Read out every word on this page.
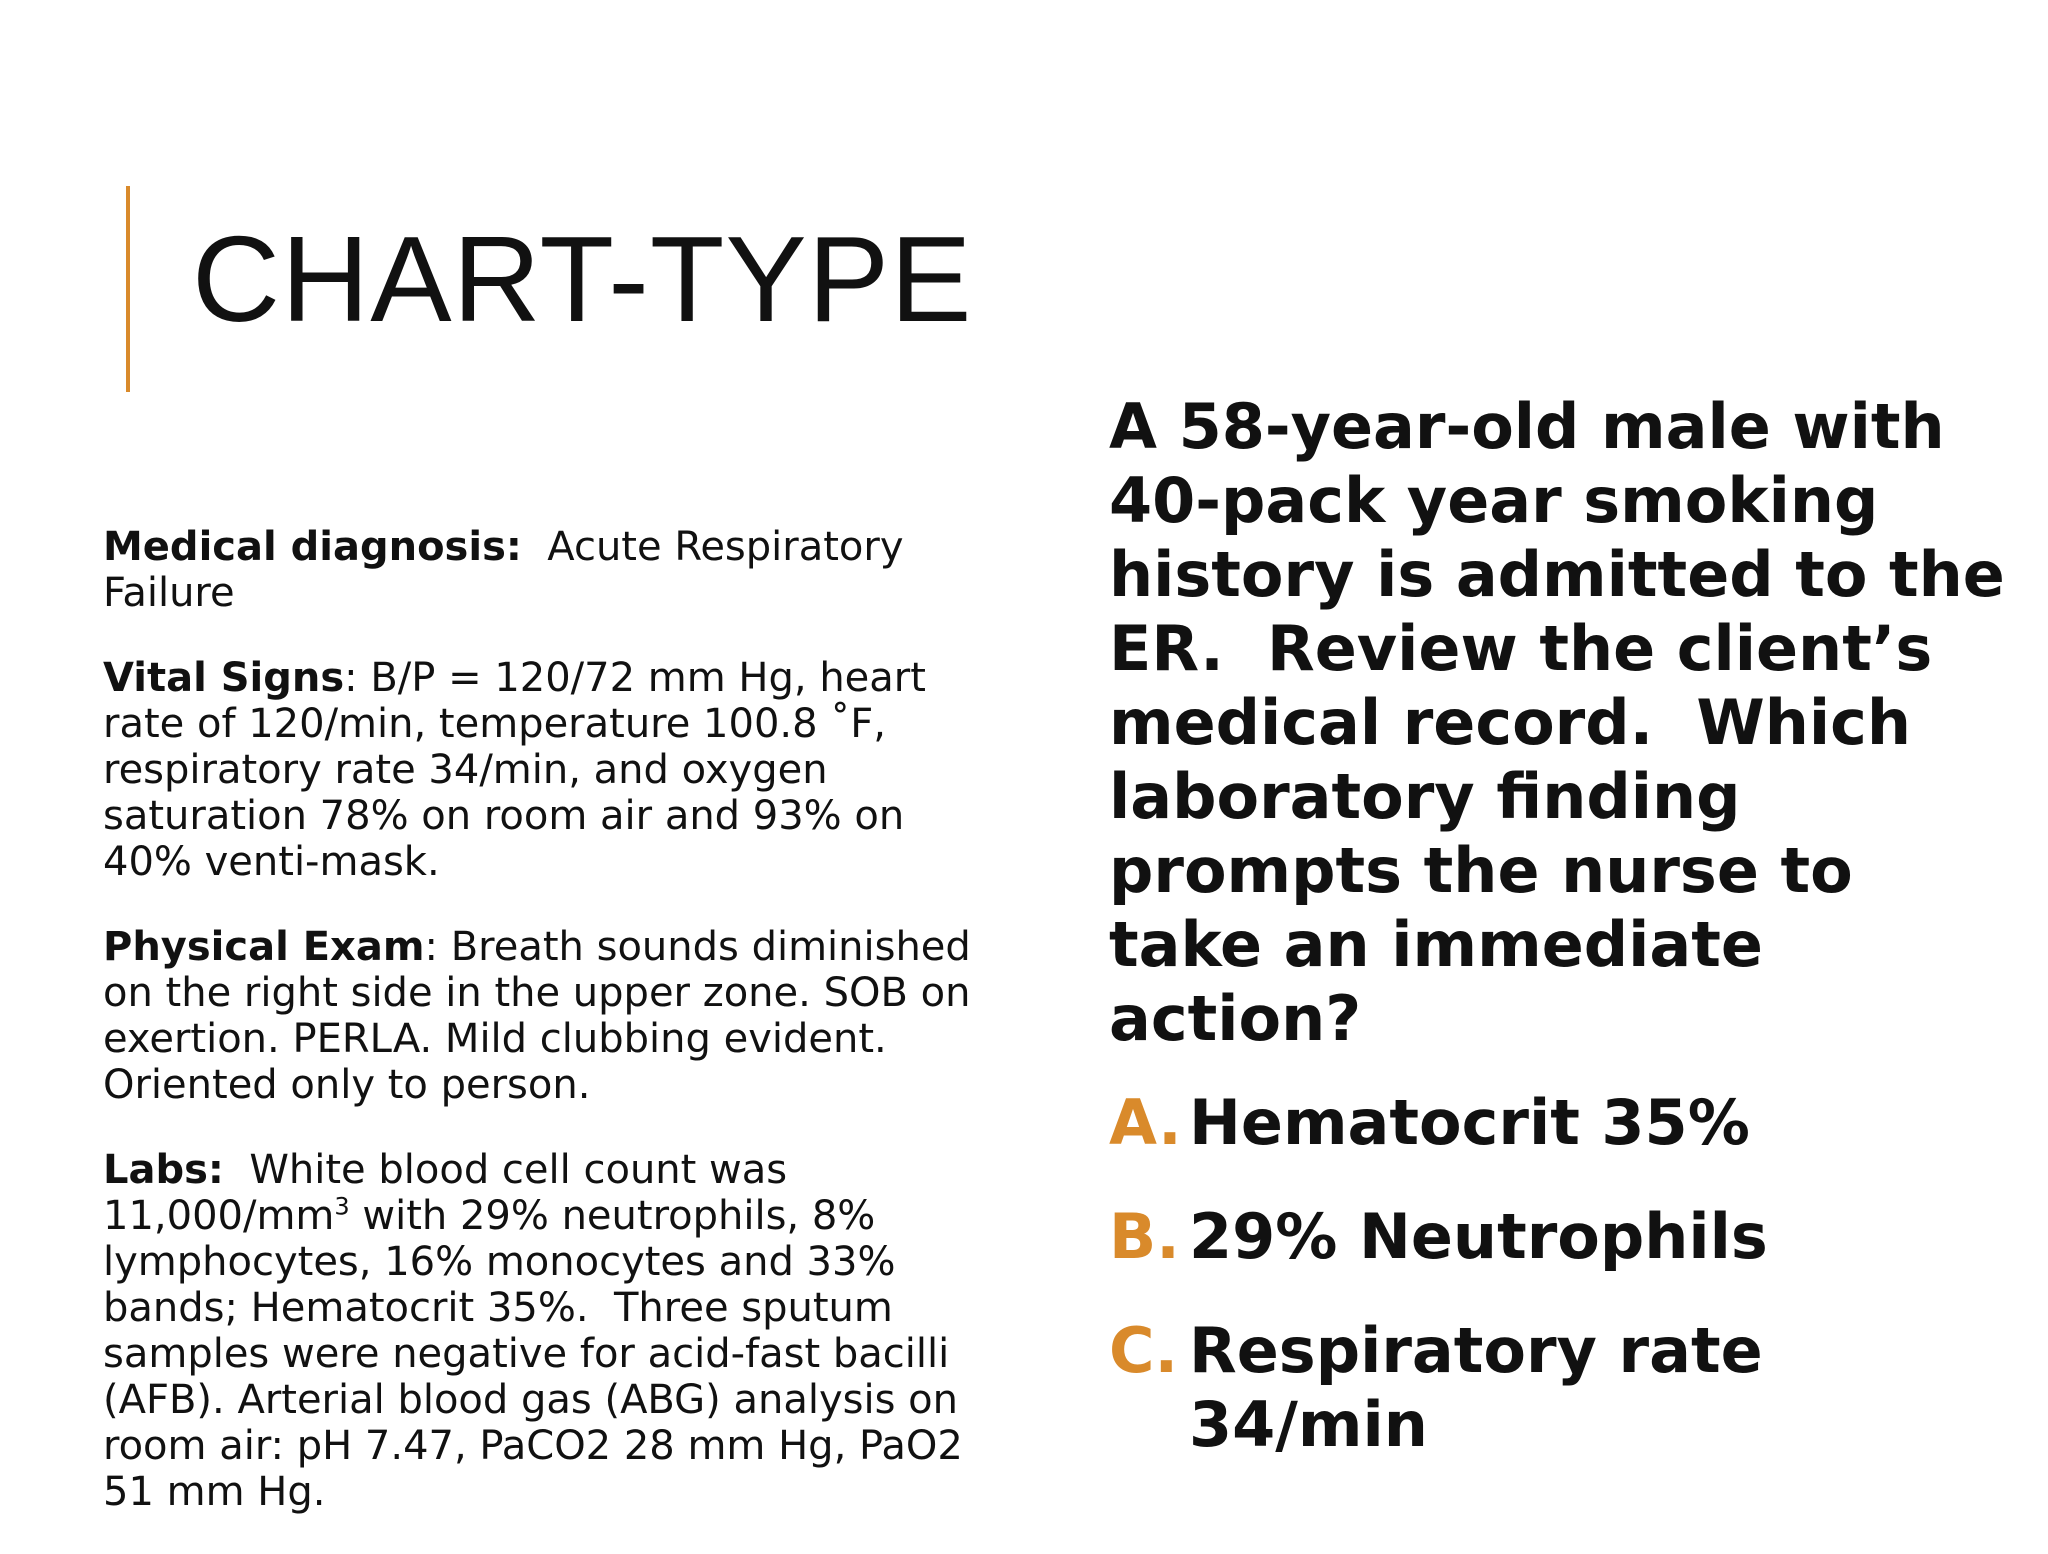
CHART-TYPE

Medical diagnosis:  Acute Respiratory Failure

Vital Signs: B/P = 120/72 mm Hg, heart rate of 120/min, temperature 100.8 ˚F, respiratory rate 34/min, and oxygen saturation 78% on room air and 93% on 40% venti-mask.

Physical Exam: Breath sounds diminished on the right side in the upper zone. SOB on exertion. PERLA. Mild clubbing evident. Oriented only to person.

Labs:  White blood cell count was $11,000/mm^3$ with 29% neutrophils, 8% lymphocytes, 16% monocytes and 33% bands; Hematocrit 35%.  Three sputum samples were negative for acid-fast bacilli (AFB). Arterial blood gas (ABG) analysis on room air: pH 7.47, PaCO2 28 mm Hg, PaO2 51 mm Hg.

A 58-year-old male with 40-pack year smoking history is admitted to the ER.  Review the client’s medical record.  Which laboratory finding prompts the nurse to take an immediate action?

A. Hematocrit 35%
B. 29% Neutrophils
C. Respiratory rate 34/min
